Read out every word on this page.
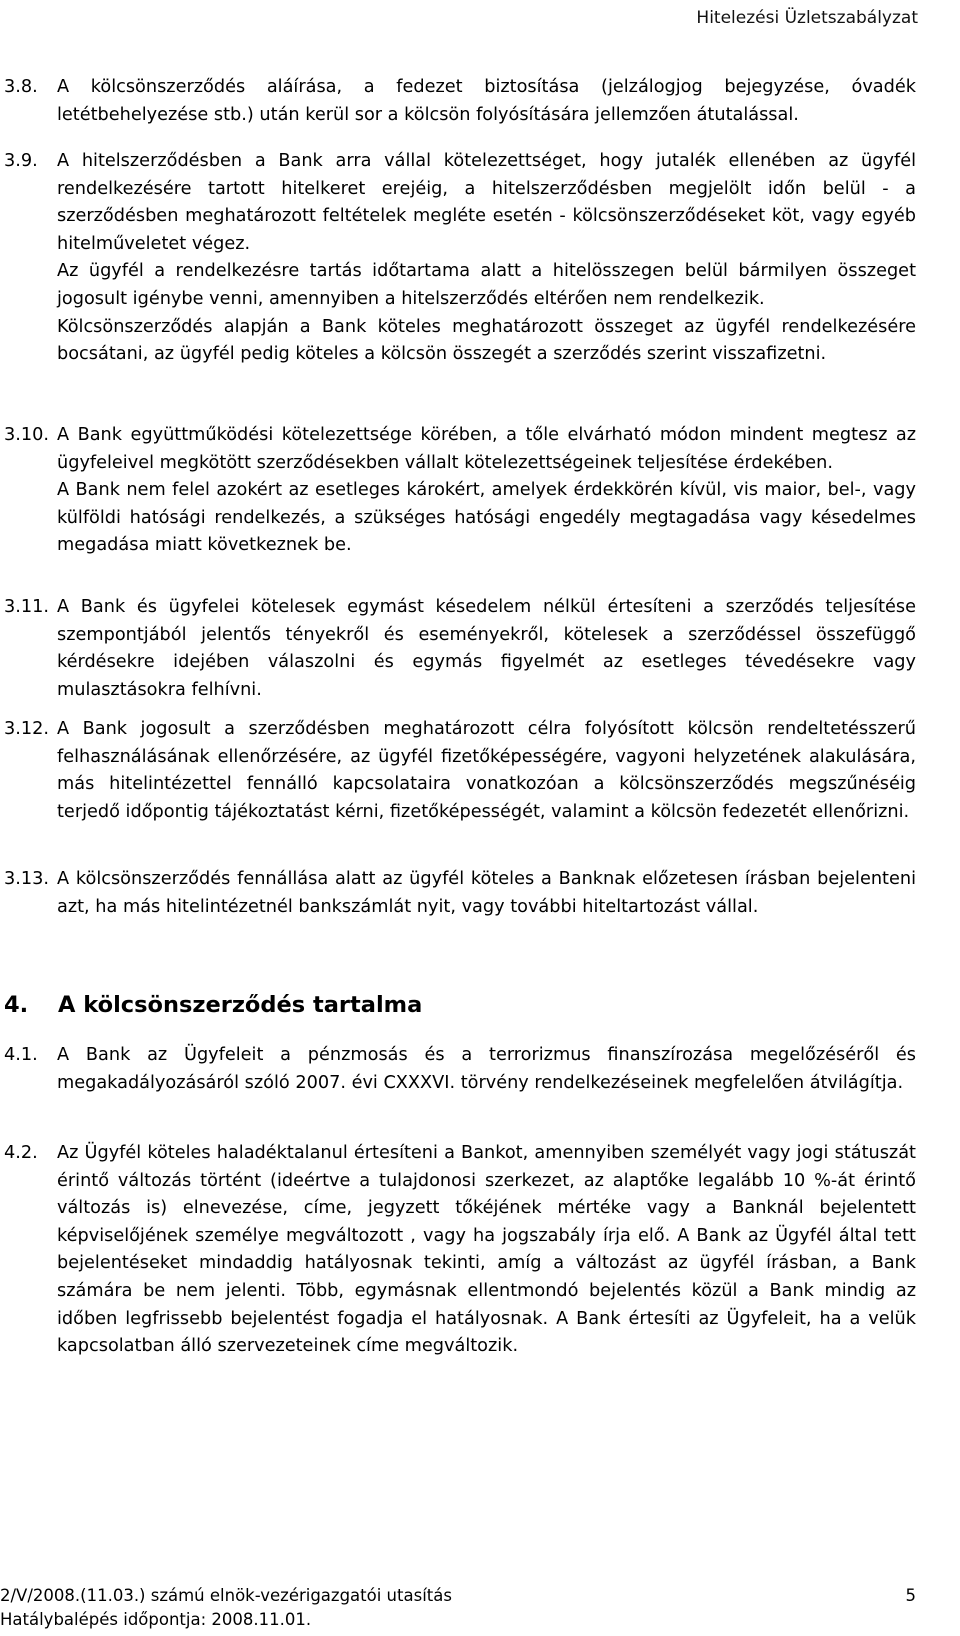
Hitelezési Üzletszabályzat
3.8. A kölcsönszerződés aláírása, a fedezet biztosítása (jelzálogjog bejegyzése, óvadék letétbehelyezése stb.) után kerül sor a kölcsön folyósítására jellemzően átutalással.

3.9. A hitelszerződésben a Bank arra vállal kötelezettséget, hogy jutalék ellenében az ügyfél rendelkezésére tartott hitelkeret erejéig, a hitelszerződésben megjelölt időn belül - a szerződésben meghatározott feltételek megléte esetén - kölcsönszerződéseket köt, vagy egyéb hitelműveletet végez.

Az ügyfél a rendelkezésre tartás időtartama alatt a hitelösszegen belül bármilyen összeget jogosult igénybe venni, amennyiben a hitelszerződés eltérően nem rendelkezik.

Kölcsönszerződés alapján a Bank köteles meghatározott összeget az ügyfél rendelkezésére bocsátani, az ügyfél pedig köteles a kölcsön összegét a szerződés szerint visszafizetni.

3.10. A Bank együttműködési kötelezettsége körében, a tőle elvárható módon mindent megtesz az ügyfeleivel megkötött szerződésekben vállalt kötelezettségeinek teljesítése érdekében.

A Bank nem felel azokért az esetleges károkért, amelyek érdekkörén kívül, vis maior, bel-, vagy külföldi hatósági rendelkezés, a szükséges hatósági engedély megtagadása vagy késedelmes megadása miatt következnek be.

3.11. A Bank és ügyfelei kötelesek egymást késedelem nélkül értesíteni a szerződés teljesítése szempontjából jelentős tényekről és eseményekről, kötelesek a szerződéssel összefüggő kérdésekre idejében válaszolni és egymás figyelmét az esetleges tévedésekre vagy mulasztásokra felhívni.

3.12. A Bank jogosult a szerződésben meghatározott célra folyósított kölcsön rendeltetésszerű felhasználásának ellenőrzésére, az ügyfél fizetőképességére, vagyoni helyzetének alakulására, más hitelintézettel fennálló kapcsolataira vonatkozóan a kölcsönszerződés megszűnéséig terjedő időpontig tájékoztatást kérni, fizetőképességét, valamint a kölcsön fedezetét ellenőrizni.

3.13. A kölcsönszerződés fennállása alatt az ügyfél köteles a Banknak előzetesen írásban bejelenteni azt, ha más hitelintézetnél bankszámlát nyit, vagy további hiteltartozást vállal.

4. A kölcsönszerződés tartalma
4.1. A Bank az Ügyfeleit a pénzmosás és a terrorizmus finanszírozása megelőzéséről és megakadályozásáról szóló 2007. évi CXXXVI. törvény rendelkezéseinek megfelelően átvilágítja.

4.2. Az Ügyfél köteles haladéktalanul értesíteni a Bankot, amennyiben személyét vagy jogi státuszát érintő változás történt (ideértve a tulajdonosi szerkezet, az alaptőke legalább 10 %-át érintő változás is) elnevezése, címe, jegyzett tőkéjének mértéke vagy a Banknál bejelentett képviselőjének személye megváltozott , vagy ha jogszabály írja elő. A Bank az Ügyfél által tett bejelentéseket mindaddig hatályosnak tekinti, amíg a változást az ügyfél írásban, a Bank számára be nem jelenti. Több, egymásnak ellentmondó bejelentés közül a Bank mindig az időben legfrissebb bejelentést fogadja el hatályosnak. A Bank értesíti az Ügyfeleit, ha a velük kapcsolatban álló szervezeteinek címe megváltozik.

2/V/2008.(11.03.) számú elnök-vezérigazgatói utasítás
Hatálybalépés időpontja: 2008.11.01.
5
